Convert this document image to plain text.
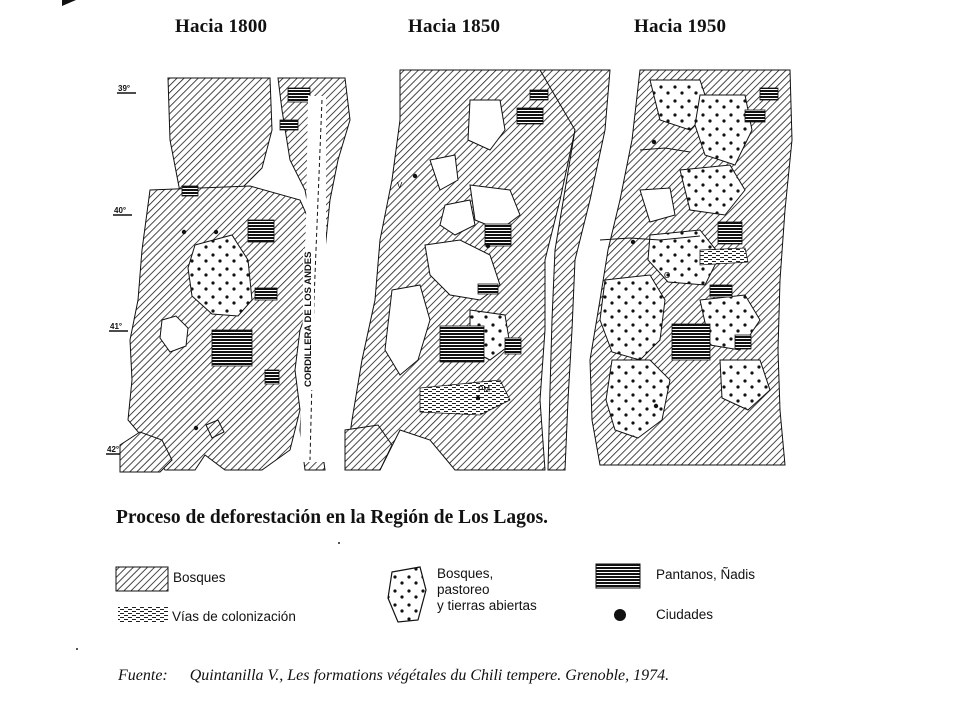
Hacia 1800	Hacia 1850	Hacia 1950
V
PM
O
CORDILLERA DE LOS ANDES
39°
40°
41°
42°
Proceso de deforestación en la Región de Los Lagos.
Bosques
Vías de colonización
Bosques,
pastoreo
y tierras abiertas
Pantanos, Ñadis
Ciudades
Fuente: Quintanilla V., Les formations végétales du Chili tempere. Grenoble, 1974.
